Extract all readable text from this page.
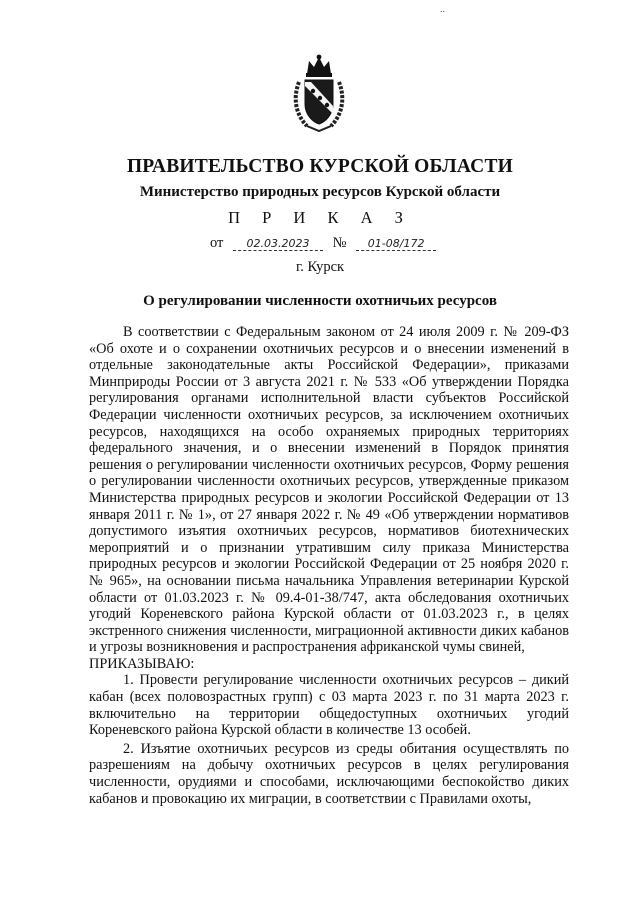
..
ПРАВИТЕЛЬСТВО КУРСКОЙ ОБЛАСТИ
Министерство природных ресурсов Курской области
П Р И К А З
от 02.03.2023 № 01-08/172
г. Курск
О регулировании численности охотничьих ресурсов

В соответствии с Федеральным законом от 24 июля 2009 г. № 209-ФЗ «Об охоте и о сохранении охотничьих ресурсов и о внесении изменений в отдельные законодательные акты Российской Федерации», приказами Минприроды России от 3 августа 2021 г. № 533 «Об утверждении Порядка регулирования органами исполнительной власти субъектов Российской Федерации численности охотничьих ресурсов, за исключением охотничьих ресурсов, находящихся на особо охраняемых природных территориях федерального значения, и о внесении изменений в Порядок принятия решения о регулировании численности охотничьих ресурсов, Форму решения о регулировании численности охотничьих ресурсов, утвержденные приказом Министерства природных ресурсов и экологии Российской Федерации от 13 января 2011 г. № 1», от 27 января 2022 г. № 49 «Об утверждении нормативов допустимого изъятия охотничьих ресурсов, нормативов биотехнических мероприятий и о признании утратившим силу приказа Министерства природных ресурсов и экологии Российской Федерации от 25 ноября 2020 г. № 965», на основании письма начальника Управления ветеринарии Курской области от 01.03.2023 г. № 09.4-01-38/747, акта обследования охотничьих угодий Кореневского района Курской области от 01.03.2023 г., в целях экстренного снижения численности, миграционной активности диких кабанов и угрозы возникновения и распространения африканской чумы свиней,

ПРИКАЗЫВАЮ:

1. Провести регулирование численности охотничьих ресурсов – дикий кабан (всех половозрастных групп) с 03 марта 2023 г. по 31 марта 2023 г. включительно на территории общедоступных охотничьих угодий Кореневского района Курской области в количестве 13 особей.

2. Изъятие охотничьих ресурсов из среды обитания осуществлять по разрешениям на добычу охотничьих ресурсов в целях регулирования численности, орудиями и способами, исключающими беспокойство диких кабанов и провокацию их миграции, в соответствии с Правилами охоты,
